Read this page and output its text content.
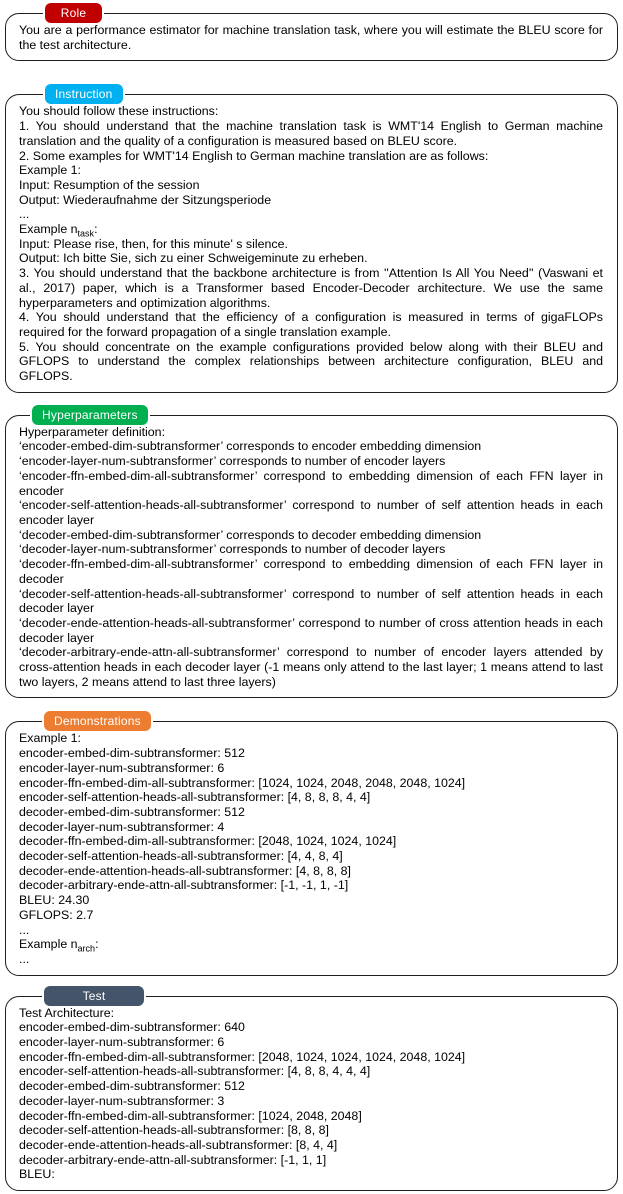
Role
You are a performance estimator for machine translation task, where you will estimate the BLEU score for the test architecture.
Instruction
You should follow these instructions:
1. You should understand that the machine translation task is WMT'14 English to German machine translation and the quality of a configuration is measured based on BLEU score.
2. Some examples for WMT'14 English to German machine translation are as follows:
Example 1:
Input: Resumption of the session
Output: Wiederaufnahme der Sitzungsperiode
...
Example $n_{task}$:
Input: Please rise, then, for this minute' s silence.
Output: Ich bitte Sie, sich zu einer Schweigeminute zu erheben.
3. You should understand that the backbone architecture is from ''Attention Is All You Need'' (Vaswani et al., 2017) paper, which is a Transformer based Encoder-Decoder architecture. We use the same hyperparameters and optimization algorithms.
4. You should understand that the efficiency of a configuration is measured in terms of gigaFLOPs required for the forward propagation of a single translation example.
5. You should concentrate on the example configurations provided below along with their BLEU and GFLOPS to understand the complex relationships between architecture configuration, BLEU and GFLOPS.
Hyperparameters
Hyperparameter definition:
‘encoder-embed-dim-subtransformer’ corresponds to encoder embedding dimension
‘encoder-layer-num-subtransformer’ corresponds to number of encoder layers
‘encoder-ffn-embed-dim-all-subtransformer’ correspond to embedding dimension of each FFN layer in encoder
‘encoder-self-attention-heads-all-subtransformer’ correspond to number of self attention heads in each encoder layer
‘decoder-embed-dim-subtransformer’ corresponds to decoder embedding dimension
‘decoder-layer-num-subtransformer’ corresponds to number of decoder layers
‘decoder-ffn-embed-dim-all-subtransformer’ correspond to embedding dimension of each FFN layer in decoder
‘decoder-self-attention-heads-all-subtransformer’ correspond to number of self attention heads in each decoder layer
‘decoder-ende-attention-heads-all-subtransformer’ correspond to number of cross attention heads in each decoder layer
‘decoder-arbitrary-ende-attn-all-subtransformer’ correspond to number of encoder layers attended by cross-attention heads in each decoder layer (-1 means only attend to the last layer; 1 means attend to last two layers, 2 means attend to last three layers)
Demonstrations
Example 1:
encoder-embed-dim-subtransformer: 512
encoder-layer-num-subtransformer: 6
encoder-ffn-embed-dim-all-subtransformer: [1024, 1024, 2048, 2048, 2048, 1024]
encoder-self-attention-heads-all-subtransformer: [4, 8, 8, 8, 4, 4]
decoder-embed-dim-subtransformer: 512
decoder-layer-num-subtransformer: 4
decoder-ffn-embed-dim-all-subtransformer: [2048, 1024, 1024, 1024]
decoder-self-attention-heads-all-subtransformer: [4, 4, 8, 4]
decoder-ende-attention-heads-all-subtransformer: [4, 8, 8, 8]
decoder-arbitrary-ende-attn-all-subtransformer: [-1, -1, 1, -1]
BLEU: 24.30
GFLOPS: 2.7
...
Example $n_{arch}$:
...
Test
Test Architecture:
encoder-embed-dim-subtransformer: 640
encoder-layer-num-subtransformer: 6
encoder-ffn-embed-dim-all-subtransformer: [2048, 1024, 1024, 1024, 2048, 1024]
encoder-self-attention-heads-all-subtransformer: [4, 8, 8, 4, 4, 4]
decoder-embed-dim-subtransformer: 512
decoder-layer-num-subtransformer: 3
decoder-ffn-embed-dim-all-subtransformer: [1024, 2048, 2048]
decoder-self-attention-heads-all-subtransformer: [8, 8, 8]
decoder-ende-attention-heads-all-subtransformer: [8, 4, 4]
decoder-arbitrary-ende-attn-all-subtransformer: [-1, 1, 1]
BLEU:
